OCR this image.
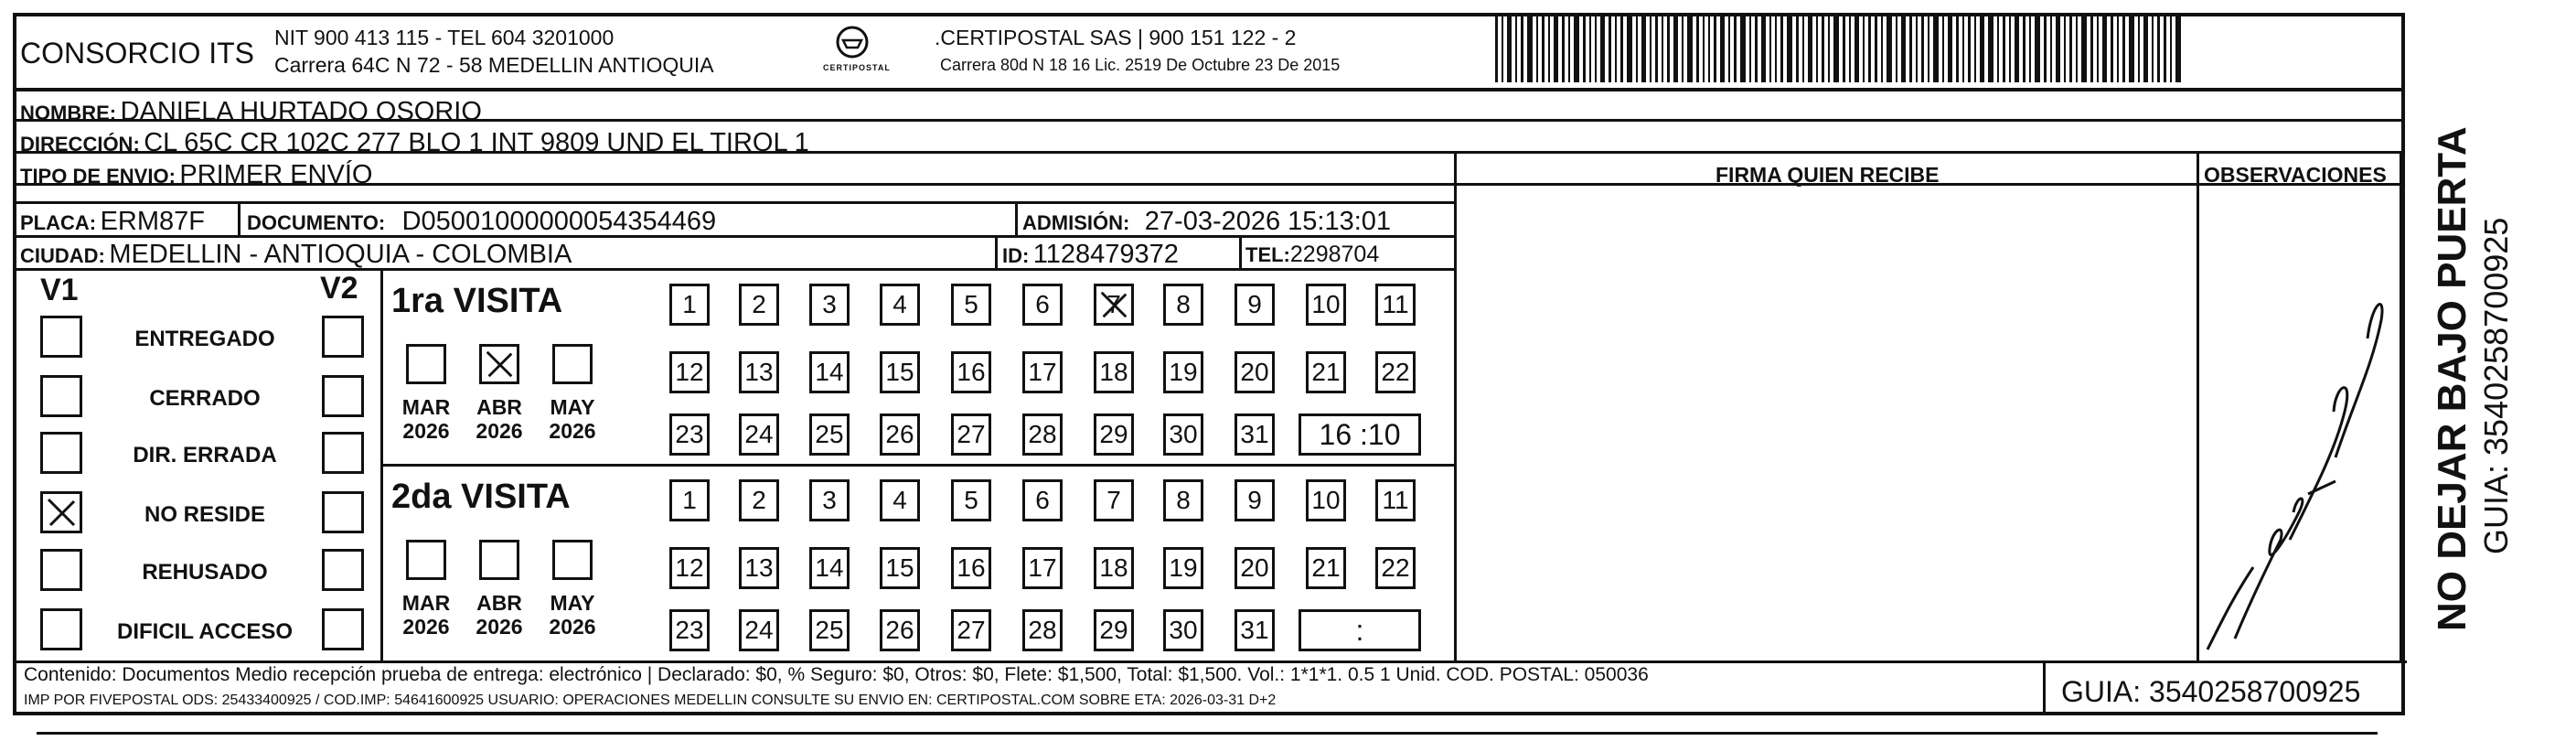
CONSORCIO ITS NIT 900 413 115 - TEL 604 3201000
Carrera 64C N 72 - 58 MEDELLIN ANTIOQUIA	CERTIPOSTAL
.CERTIPOSTAL SAS | 900 151 122 - 2
Carrera 80d N 18 16 Lic. 2519 De Octubre 23 De 2015
NOMBRE: DANIELA HURTADO OSORIO
DIRECCIÓN: CL 65C CR 102C 277 BLO 1 INT 9809 UND EL TIROL 1
TIPO DE ENVIO: PRIMER ENVÍO	FIRMA QUIEN RECIBE	OBSERVACIONES
PLACA: ERM87F DOCUMENTO: D05001000000054354469	ADMISIÓN: 27-03-2026 15:13:01
CIUDAD: MEDELLIN - ANTIOQUIA - COLOMBIA	ID: 1128479372	TEL:2298704
V1	V2
ENTREGADO
CERRADO
DIR. ERRADA
NO RESIDE
REHUSADO
DIFICIL ACCESO
1ra VISITA
MAR
2026
ABR
2026
MAY
2026
1 2 3 4 5 6 7 8 9 10 11
12 13 14 15 16 17 18 19 20 21 22
23 24 25 26 27 28 29 30 31 16 :10
2da VISITA
MAR
2026
ABR
2026
MAY
2026
1 2 3 4 5 6 7 8 9 10 11
12 13 14 15 16 17 18 19 20 21 22
23 24 25 26 27 28 29 30 31	:	NO DEJAR BAJO PUERTA GUIA: 3540258700925
Contenido: Documentos Medio recepción prueba de entrega: electrónico | Declarado: $0, % Seguro: $0, Otros: $0, Flete: $1,500, Total: $1,500. Vol.: 1*1*1. 0.5 1 Unid. COD. POSTAL: 050036
IMP POR FIVEPOSTAL ODS: 25433400925 / COD.IMP: 54641600925 USUARIO: OPERACIONES MEDELLIN CONSULTE SU ENVIO EN: CERTIPOSTAL.COM SOBRE ETA: 2026-03-31 D+2	GUIA: 3540258700925
